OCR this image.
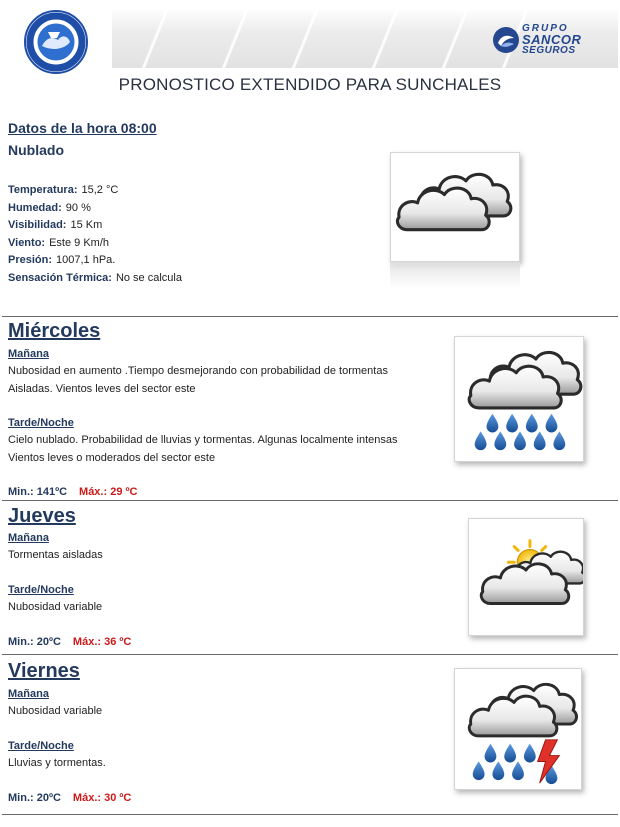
GRUPO
SANCOR
SEGUROS
PRONOSTICO EXTENDIDO PARA SUNCHALES
Datos de la hora 08:00
Nublado
Temperatura: 15,2 °C
Humedad: 90 %
Visibilidad: 15 Km
Viento: Este 9 Km/h
Presión: 1007,1 hPa.
Sensación Térmica: No se calcula
Miércoles
Mañana
Nubosidad en aumento .Tiempo desmejorando con probabilidad de tormentas
Aisladas. Vientos leves del sector este
Tarde/Noche
Cielo nublado. Probabilidad de lluvias y tormentas. Algunas localmente intensas
Vientos leves o moderados del sector este
Min.: 141ºC Máx.: 29 ºC
Jueves
Mañana
Tormentas aisladas
Tarde/Noche
Nubosidad variable
Min.: 20ºC Máx.: 36 ºC
Viernes
Mañana
Nubosidad variable
Tarde/Noche
Lluvias y tormentas.
Min.: 20ºC Máx.: 30 ºC
